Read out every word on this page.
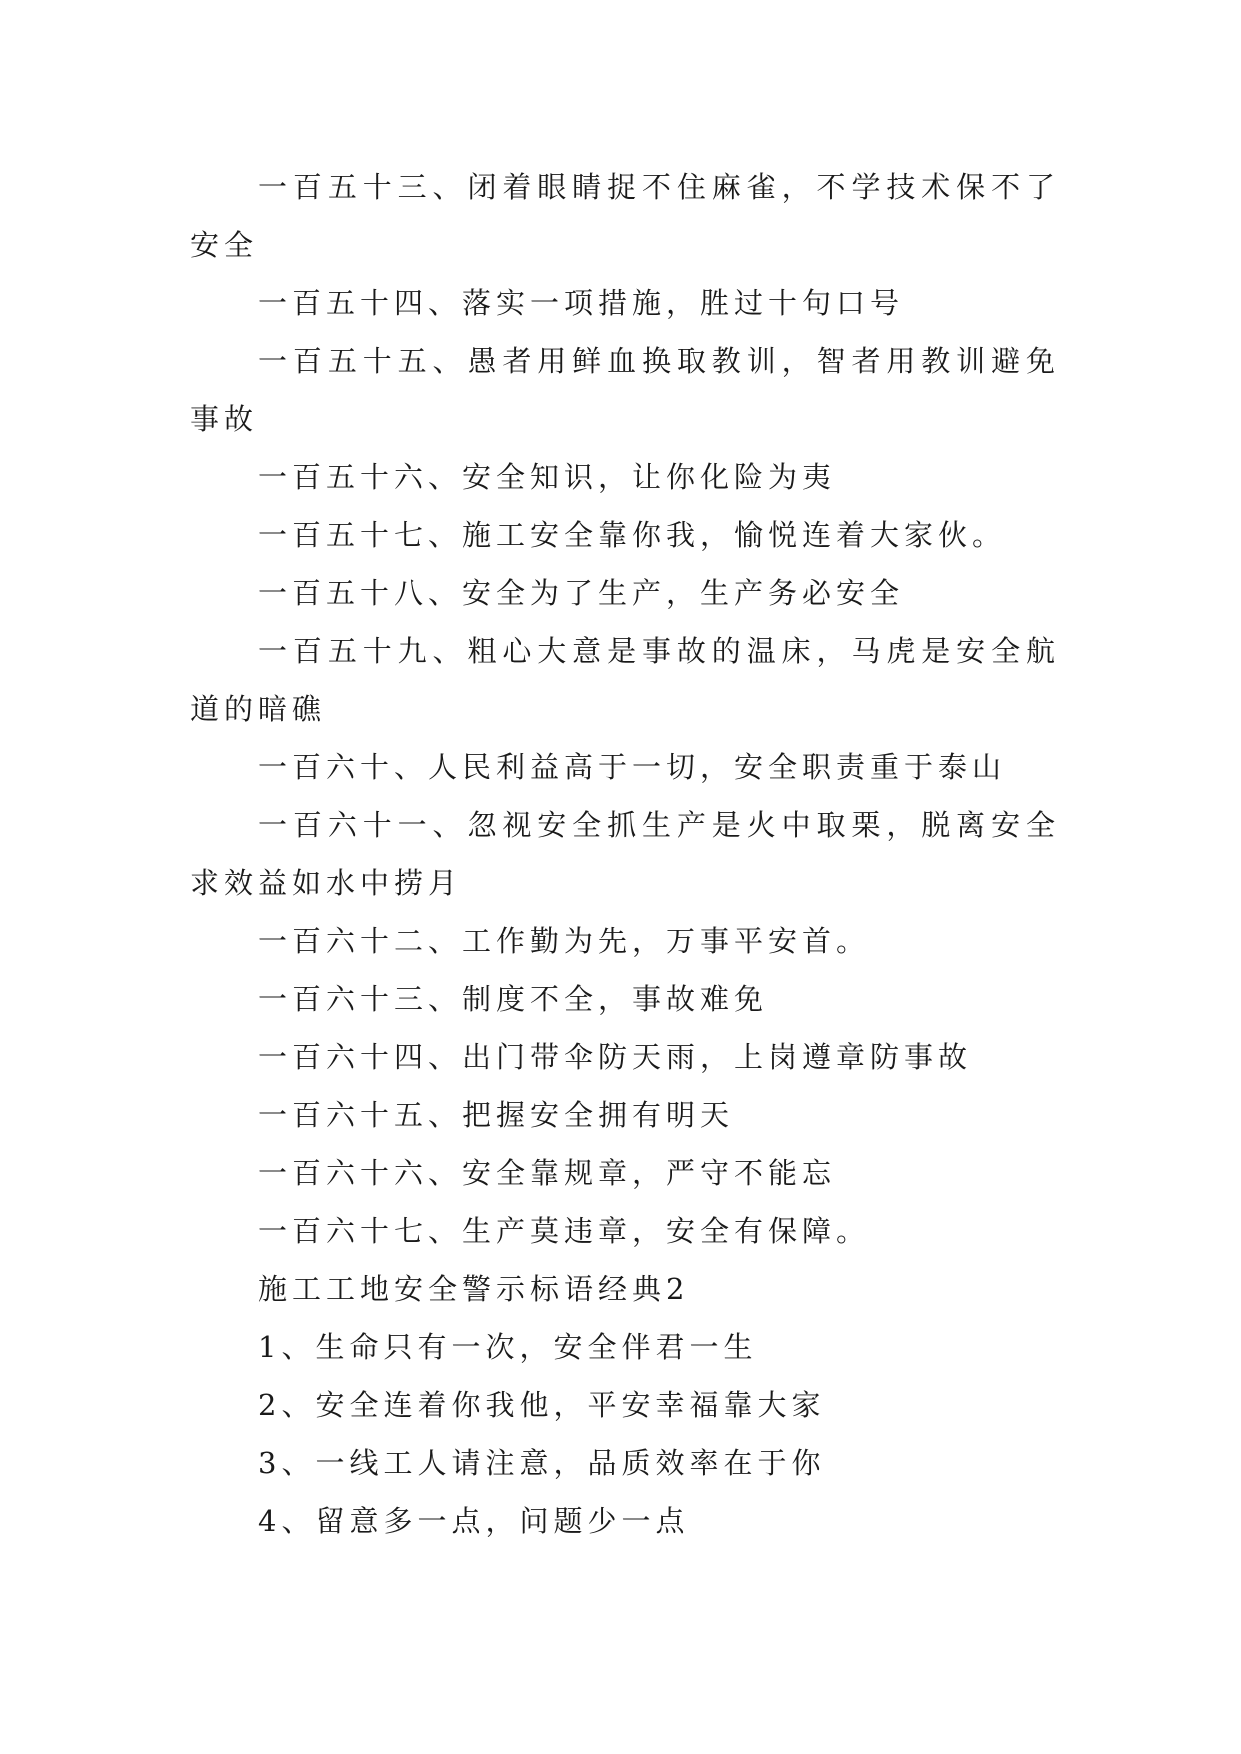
一百五十三、闭着眼睛捉不住麻雀，不学技术保不了安全

一百五十四、落实一项措施，胜过十句口号

一百五十五、愚者用鲜血换取教训，智者用教训避免事故

一百五十六、安全知识，让你化险为夷

一百五十七、施工安全靠你我，愉悦连着大家伙。

一百五十八、安全为了生产，生产务必安全

一百五十九、粗心大意是事故的温床，马虎是安全航道的暗礁

一百六十、人民利益高于一切，安全职责重于泰山

一百六十一、忽视安全抓生产是火中取栗，脱离安全求效益如水中捞月

一百六十二、工作勤为先，万事平安首。

一百六十三、制度不全，事故难免

一百六十四、出门带伞防天雨，上岗遵章防事故

一百六十五、把握安全拥有明天

一百六十六、安全靠规章，严守不能忘

一百六十七、生产莫违章，安全有保障。

施工工地安全警示标语经典2

1、生命只有一次，安全伴君一生

2、安全连着你我他，平安幸福靠大家

3、一线工人请注意，品质效率在于你

4、留意多一点，问题少一点
